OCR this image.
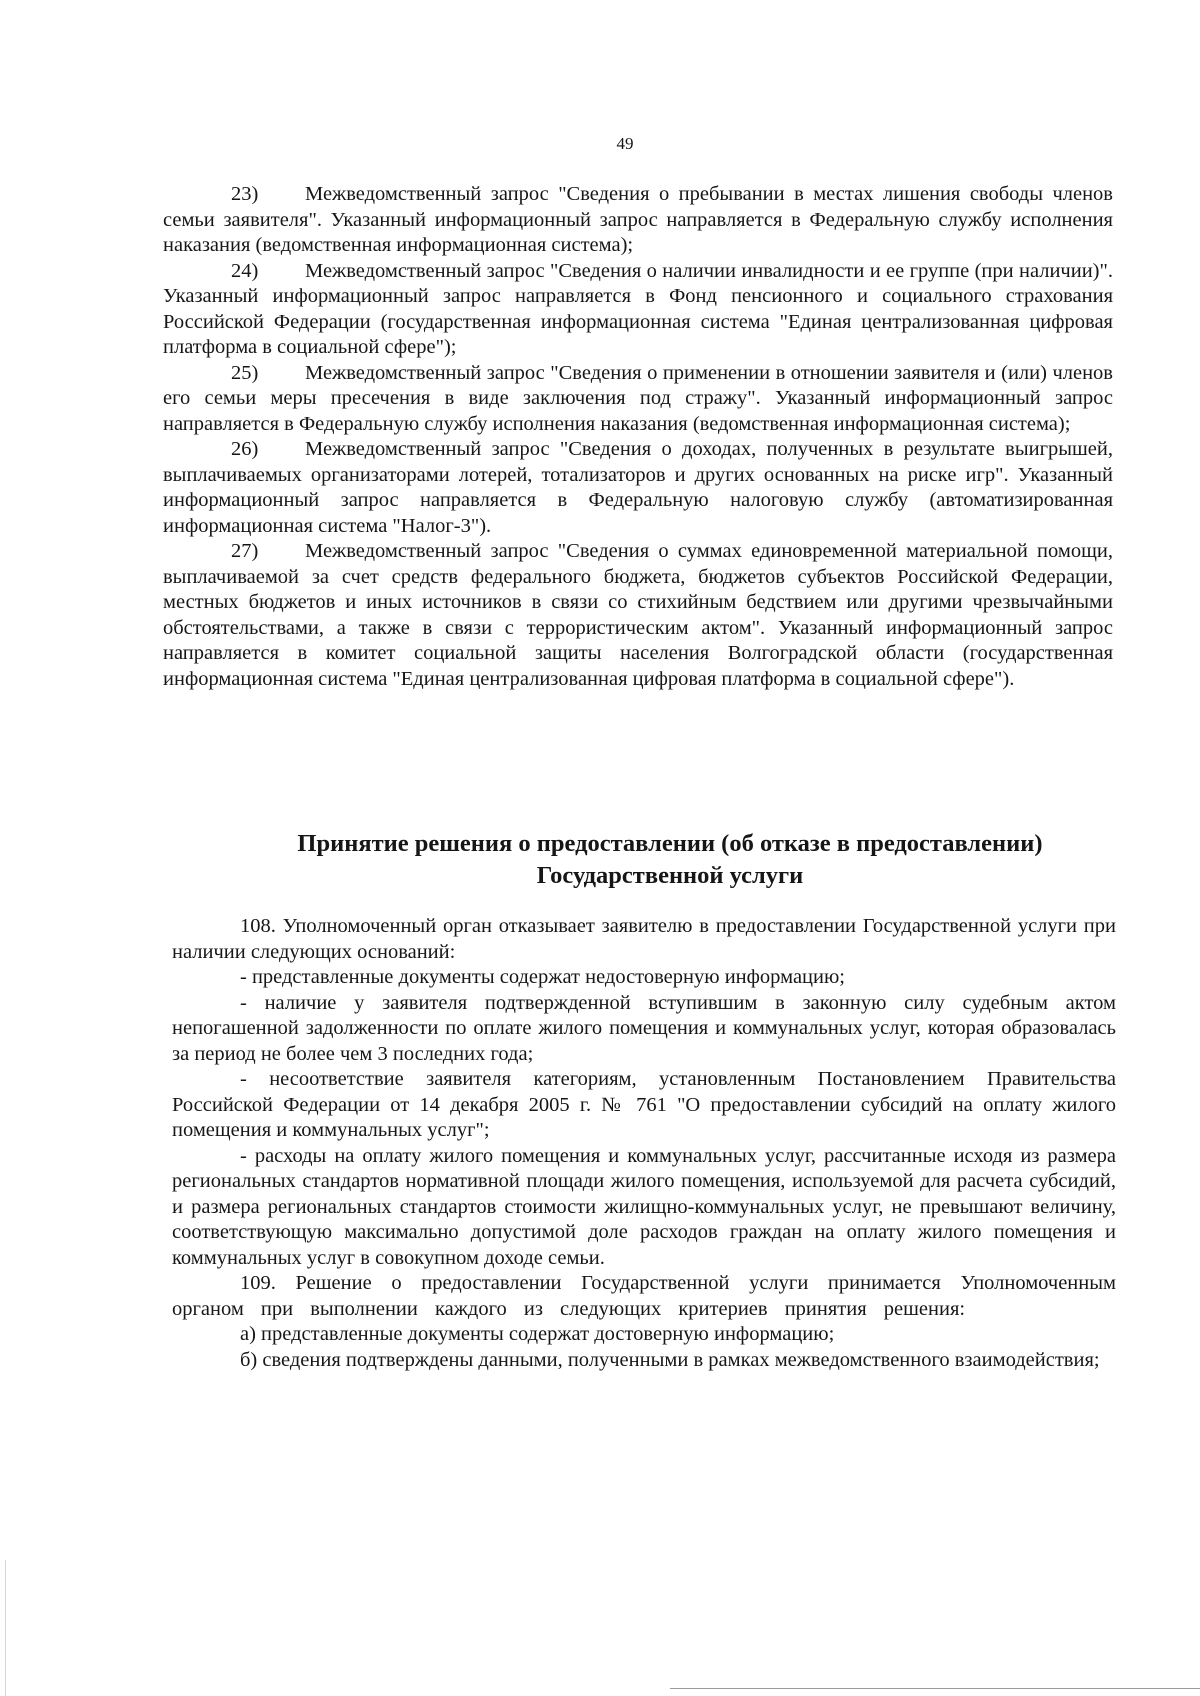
49

23) Межведомственный запрос "Сведения о пребывании в местах лишения свободы членов семьи заявителя". Указанный информационный запрос направляется в Федеральную службу исполнения наказания (ведомственная информационная система);

24) Межведомственный запрос "Сведения о наличии инвалидности и ее группе (при наличии)". Указанный информационный запрос направляется в Фонд пенсионного и социального страхования Российской Федерации (государственная информационная система "Единая централизованная цифровая платформа в социальной сфере");

25) Межведомственный запрос "Сведения о применении в отношении заявителя и (или) членов его семьи меры пресечения в виде заключения под стражу". Указанный информационный запрос направляется в Федеральную службу исполнения наказания (ведомственная информационная система);

26) Межведомственный запрос "Сведения о доходах, полученных в результате выигрышей, выплачиваемых организаторами лотерей, тотализаторов и других основанных на риске игр". Указанный информационный запрос направляется в Федеральную налоговую службу (автоматизированная информационная система "Налог-3").

27) Межведомственный запрос "Сведения о суммах единовременной материальной помощи, выплачиваемой за счет средств федерального бюджета, бюджетов субъектов Российской Федерации, местных бюджетов и иных источников в связи со стихийным бедствием или другими чрезвычайными обстоятельствами, а также в связи с террористическим актом". Указанный информационный запрос направляется в комитет социальной защиты населения Волгоградской области (государственная информационная система "Единая централизованная цифровая платформа в социальной сфере").

Принятие решения о предоставлении (об отказе в предоставлении)
Государственной услуги

108. Уполномоченный орган отказывает заявителю в предоставлении Государственной услуги при наличии следующих оснований:

- представленные документы содержат недостоверную информацию;

- наличие у заявителя подтвержденной вступившим в законную силу судебным актом непогашенной задолженности по оплате жилого помещения и коммунальных услуг, которая образовалась за период не более чем 3 последних года;

- несоответствие заявителя категориям, установленным Постановлением Правительства Российской Федерации от 14 декабря 2005 г. № 761 "О предоставлении субсидий на оплату жилого помещения и коммунальных услуг";

- расходы на оплату жилого помещения и коммунальных услуг, рассчитанные исходя из размера региональных стандартов нормативной площади жилого помещения, используемой для расчета субсидий, и размера региональных стандартов стоимости жилищно-коммунальных услуг, не превышают величину, соответствующую максимально допустимой доле расходов граждан на оплату жилого помещения и коммунальных услуг в совокупном доходе семьи.

109. Решение о предоставлении Государственной услуги принимается Уполномоченным органом при выполнении каждого из следующих критериев принятия решения:

а) представленные документы содержат достоверную информацию;

б) сведения подтверждены данными, полученными в рамках межведомственного взаимодействия;
